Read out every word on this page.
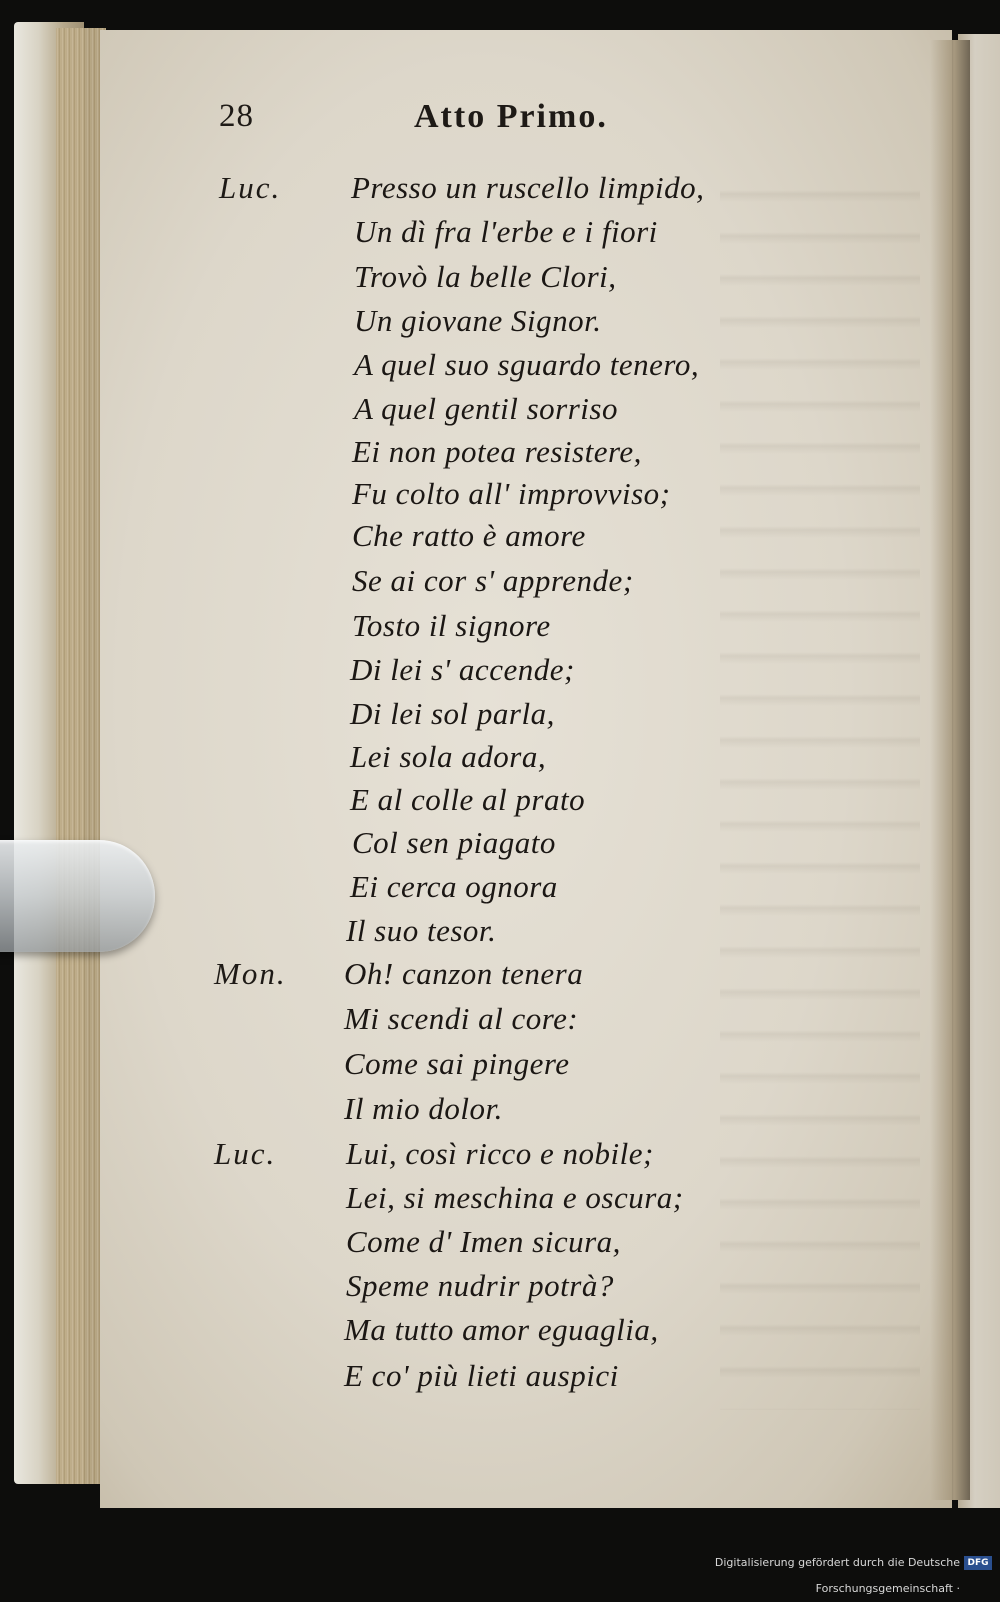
28	Atto Primo.
Luc.
Mon.
Luc.
Presso un ruscello limpido,
Un dì fra l'erbe e i fiori
Trovò la belle Clori,
Un giovane Signor.
A quel suo sguardo tenero,
A quel gentil sorriso
Ei non potea resistere,
Fu colto all' improvviso;
Che ratto è amore
Se ai cor s' apprende;
Tosto il signore
Di lei s' accende;
Di lei sol parla,
Lei sola adora,
E al colle al prato
Col sen piagato
Ei cerca ognora
Il suo tesor.
Oh! canzon tenera
Mi scendi al core:
Come sai pingere
Il mio dolor.
Lui, così ricco e nobile;
Lei, si meschina e oscura;
Come d' Imen sicura,
Speme nudrir potrà?
Ma tutto amor eguaglia,
E co' più lieti auspici
Digitalisierung gefördert durch die Deutsche Forschungsgemeinschaft ·
DFG
